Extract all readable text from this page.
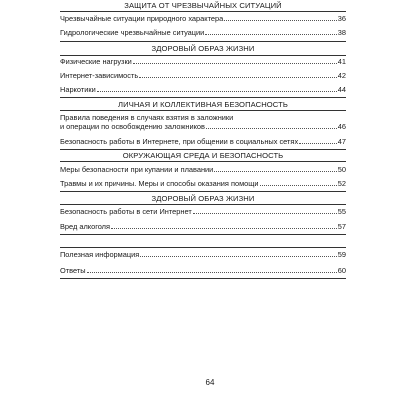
ЗАЩИТА ОТ ЧРЕЗВЫЧАЙНЫХ СИТУАЦИЙ
Чрезвычайные ситуации природного характера	36
Гидрологические чрезвычайные ситуации	38
ЗДОРОВЫЙ ОБРАЗ ЖИЗНИ
Физические нагрузки	41
Интернет-зависимость	42
Наркотики	44
ЛИЧНАЯ И КОЛЛЕКТИВНАЯ БЕЗОПАСНОСТЬ
Правила поведения в случаях взятия в заложники
и операции по освобождению заложников	46
Безопасность работы в Интернете, при общении в социальных сетях	47
ОКРУЖАЮЩАЯ СРЕДА И БЕЗОПАСНОСТЬ
Меры безопасности при купании и плавании	50
Травмы и их причины. Меры и способы оказания помощи	52
ЗДОРОВЫЙ ОБРАЗ ЖИЗНИ
Безопасность работы в сети Интернет	55
Вред алкоголя	57
Полезная информация	59
Ответы	60
64
